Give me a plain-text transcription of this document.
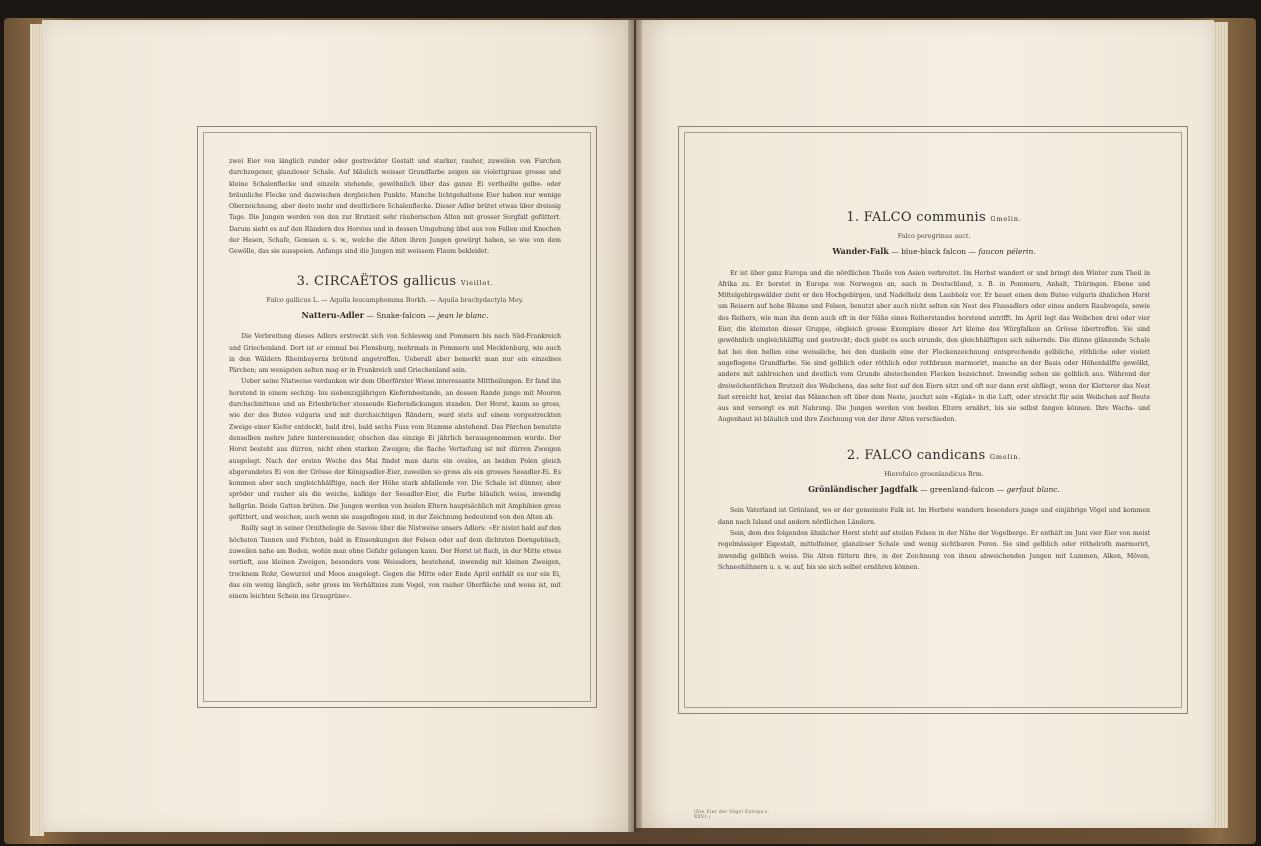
zwei Eier von länglich runder oder gestreckter Gestalt und starker, rauher, zuweilen von Furchen durchzogener, glanzloser Schale. Auf bläulich weisser Grundfarbe zeigen sie violettgraue grosse und kleine Schalenflecke und einzeln stehende, gewöhnlich über das ganze Ei vertheilte gelbe- oder bräunliche Flecke und dazwischen dergleichen Punkte. Manche lichtgehaltene Eier haben nur wenige Oberzeichnung, aber desto mehr und deutlichere Schalenflecke. Dieser Adler brütet etwas über dreissig Tage. Die Jungen werden von den zur Brutzeit sehr räuberischen Alten mit grosser Sorgfalt gefüttert. Darum sieht es auf den Rändern des Horstes und in dessen Umgebung übel aus von Fellen und Knochen der Hasen, Schafe, Gemsen u. s. w., welche die Alten ihren Jungen gewürgt haben, so wie von dem Gewölle, das sie ausspeien. Anfangs sind die Jungen mit weissem Flaum bekleidet.

3. CIRCAËTOS gallicus Vieillot.
Falco gallicus L. — Aquila leucamphomma Borkh. — Aquila brachydactyla Mey.
Natteru-Adler — Snake-falcon — jean le blanc.

Die Verbreitung dieses Adlers erstreckt sich von Schleswig und Pommern bis nach Süd-Frankreich und Griechenland. Dort ist er einmal bei Flensburg, mehrmals in Pommern und Mecklenburg, wie auch in den Wäldern Rheinbayerns brütend angetroffen. Ueberall aber bemerkt man nur ein einzelnes Pärchen; am wenigsten selten mag er in Frankreich und Griechenland sein.

Ueber seine Nistweise verdanken wir dem Oberförster Wiese interessante Mittheilungen. Er fand ihn horstend in einem sechzig- bis siebenzigjährigen Kiefernbestande, an dessen Rande junge mit Mooren durchschnittene und an Erlenbrücher stossende Kieferndickungen standen. Der Horst, kaum so gross, wie der des Buteo vulgaris und mit durchsichtigen Rändern, ward stets auf einem vorgestreckten Zweige einer Kiefer entdeckt, bald drei, bald sechs Fuss vom Stamme abstehend. Das Pärchen benutzte denselben mehre Jahre hintereinander, obschon das einzige Ei jährlich herausgenommen wurde. Der Horst besteht aus dürren, nicht eben starken Zweigen; die flache Vertiefung ist mit dürren Zweigen ausgelegt. Nach der ersten Woche des Mai findet man darin ein ovales, an beiden Polen gleich abgerundetes Ei von der Grösse der Königsadler-Eier, zuweilen so gross als ein grosses Seeadler-Ei. Es kommen aber auch ungleichhälftige, nach der Höhe stark abfallende vor. Die Schale ist dünner, aber spröder und rauher als die weiche, kalkige der Seeadler-Eier, die Farbe bläulich weiss, inwendig hellgrün. Beide Gatten brüten. Die Jungen werden von beiden Eltern hauptsächlich mit Amphibien gross gefüttert, und weichen, auch wenn sie ausgeflogen sind, in der Zeichnung bedeutend von den Alten ab.

Bailly sagt in seiner Ornithologie de Savoie über die Nistweise unsers Adlers: »Er nistet bald auf den höchsten Tannen und Fichten, bald in Einsenkungen der Felsen oder auf dem dichtsten Dorngebüsch, zuweilen nahe am Boden, wohin man ohne Gefahr gelangen kann. Der Horst ist flach, in der Mitte etwas vertieft, aus kleinen Zweigen, besonders vom Weissdorn, bestehend, inwendig mit kleinen Zweigen, trocknem Rohr, Gewurzel und Moos ausgelegt. Gegen die Mitte oder Ende April enthält es nur ein Ei, das ein wenig länglich, sehr gross im Verhältniss zum Vogel, von rauher Oberfläche und weiss ist, mit einem leichten Schein ins Graugrüne«.

1. FALCO communis Gmelin.
Falco peregrinus auct.
Wander-Falk — blue-black falcon — faucon pélerin.

Er ist über ganz Europa und die nördlichen Theile von Asien verbreitet. Im Herbst wandert er und bringt den Winter zum Theil in Afrika zu. Er horstet in Europa von Norwegen an, auch in Deutschland, z. B. in Pommern, Anhalt, Thüringen. Ebene und Mittelgebirgswälder zieht er den Hochgebirgen, und Nadelholz dem Laubholz vor. Er bauet einen dem Buteo vulgaris ähnlichen Horst um Reisern auf hohe Bäume und Felsen, benutzt aber auch nicht selten ein Nest des Flussadlers oder eines andern Raubvogels, sowie des Reihers, wie man ihn denn auch oft in der Nähe eines Reiherstandes horstend antrifft. Im April legt das Weibchen drei oder vier Eier, die kleinsten dieser Gruppe, obgleich grosse Exemplare dieser Art kleine des Würgfalken an Grösse übertreffen. Sie sind gewöhnlich ungleichhälftig und gestreckt; doch giebt es auch eirunde, den gleichhälftigen sich nähernde. Die dünne glänzende Schale hat bei den hellen eine weissliche, bei den dunkeln eine der Fleckenzeichnung entsprechende gelbliche, röthliche oder violett angeflogene Grundfarbe. Sie sind gelblich oder röthlich oder rothbraun marmorirt, manche an der Basis oder Höhenhälfte gewölkt, andere mit zahlreichen und deutlich vom Grunde abstechenden Flecken bezeichnet. Inwendig sehen sie gelblich aus. Während der dreiwöchentlichen Brutzeit des Weibchens, das sehr fest auf den Eiern sitzt und oft nur dann erst abfliegt, wenn der Kletterer das Nest fast erreicht hat, kreist das Männchen oft über dem Neste, jauchzt sein »Kgiak« in die Luft, oder streicht für sein Weibchen auf Beute aus und versorgt es mit Nahrung. Die Jungen werden von beiden Eltern ernährt, bis sie selbst fangen können. Ihre Wachs- und Augenhaut ist bläulich und ihre Zeichnung von der ihrer Alten verschieden.

2. FALCO candicans Gmelin.
Hierofalco groenlandicus Brm.
Grönländischer Jagdfalk — greenland-falcon — gerfaut blanc.

Sein Vaterland ist Grönland, wo er der gemeinste Falk ist. Im Herbste wandern besonders junge und einjährige Vögel und kommen dann nach Island und andern nördlichen Ländern.

Sein, dem des folgenden ähnlicher Horst steht auf steilen Felsen in der Nähe der Vogelberge. Er enthält im Juni vier Eier von meist regelmässiger Eigestalt, mittelfeiner, glanzloser Schale und wenig sichtbaren Poren. Sie sind gelblich oder röthelroth marmorirt, inwendig gelblich weiss. Die Alten füttern ihre, in der Zeichnung von ihnen abweichenden Jungen mit Lummen, Alken, Möven, Schneehühnern u. s. w. auf, bis sie sich selbst ernähren können.

(Die Eier der Vögel Europa's. XXVI.)
